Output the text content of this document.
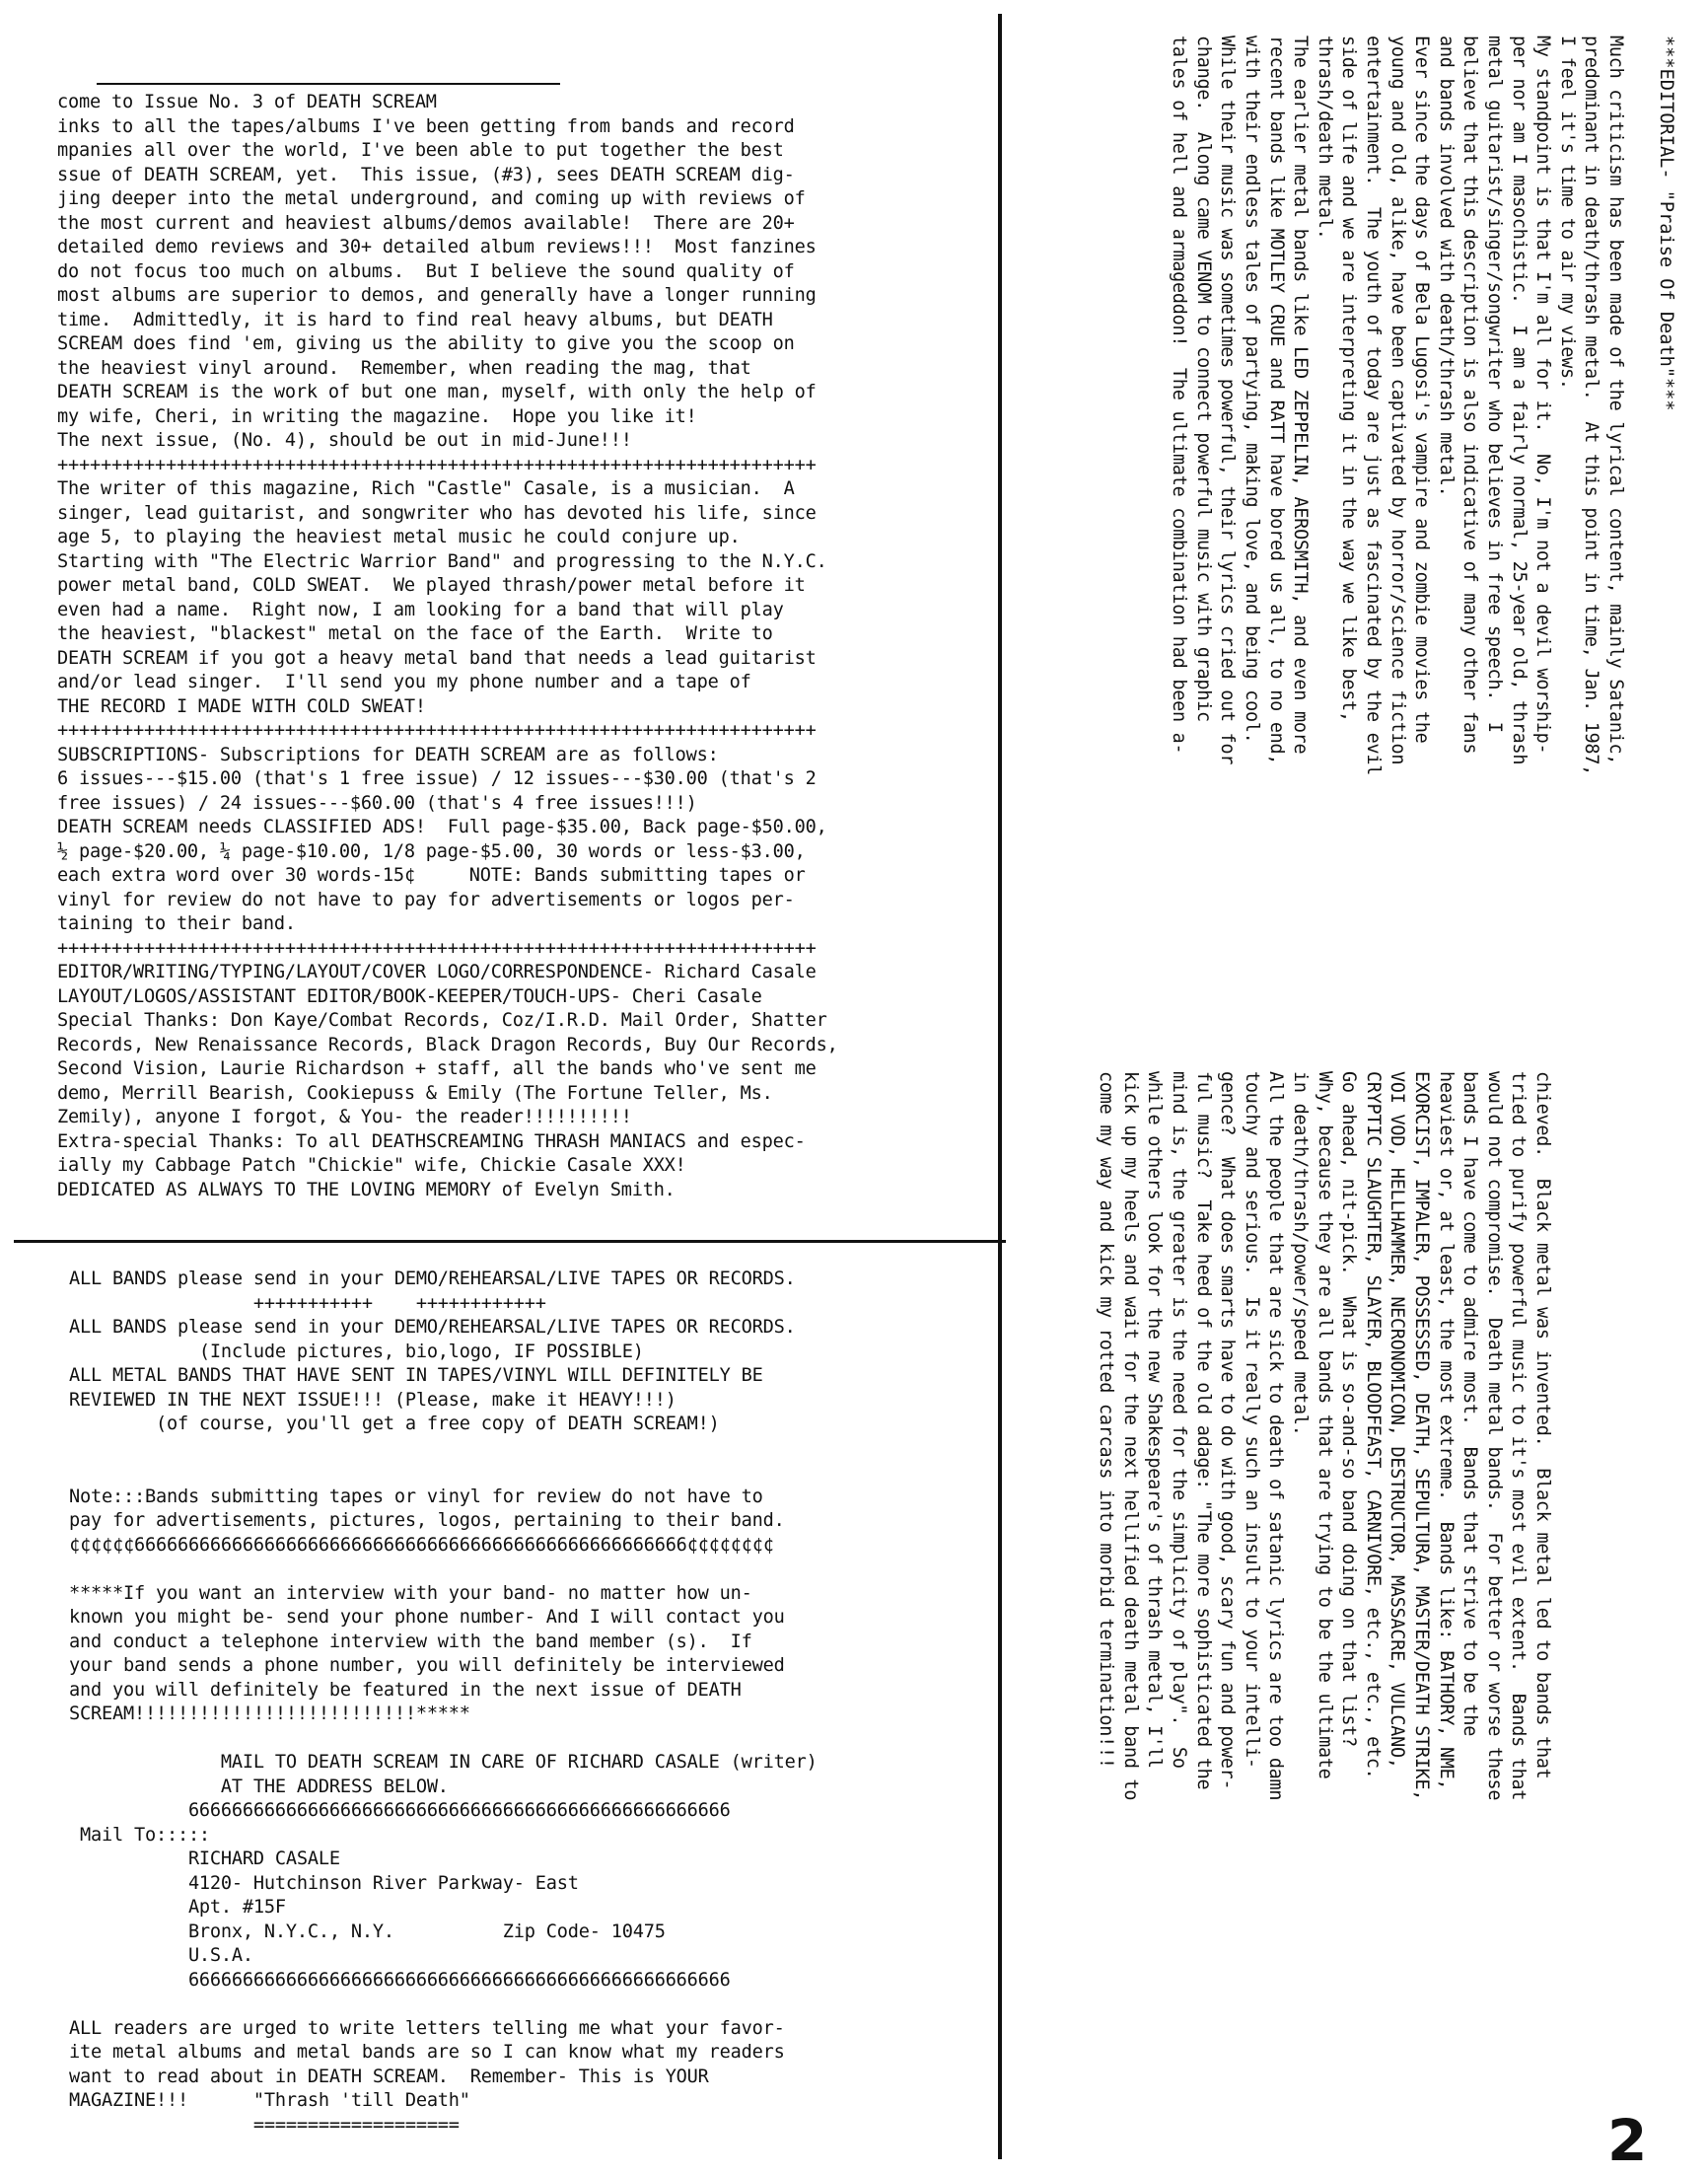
come to Issue No. 3 of DEATH SCREAM
inks to all the tapes/albums I've been getting from bands and record
mpanies all over the world, I've been able to put together the best
ssue of DEATH SCREAM, yet.  This issue, (#3), sees DEATH SCREAM dig-
jing deeper into the metal underground, and coming up with reviews of
the most current and heaviest albums/demos available!  There are 20+
detailed demo reviews and 30+ detailed album reviews!!!  Most fanzines
do not focus too much on albums.  But I believe the sound quality of
most albums are superior to demos, and generally have a longer running
time.  Admittedly, it is hard to find real heavy albums, but DEATH
SCREAM does find 'em, giving us the ability to give you the scoop on
the heaviest vinyl around.  Remember, when reading the mag, that
DEATH SCREAM is the work of but one man, myself, with only the help of
my wife, Cheri, in writing the magazine.  Hope you like it!
The next issue, (No. 4), should be out in mid-June!!!
++++++++++++++++++++++++++++++++++++++++++++++++++++++++++++++++++++++
The writer of this magazine, Rich "Castle" Casale, is a musician.  A
singer, lead guitarist, and songwriter who has devoted his life, since
age 5, to playing the heaviest metal music he could conjure up.
Starting with "The Electric Warrior Band" and progressing to the N.Y.C.
power metal band, COLD SWEAT.  We played thrash/power metal before it
even had a name.  Right now, I am looking for a band that will play
the heaviest, "blackest" metal on the face of the Earth.  Write to
DEATH SCREAM if you got a heavy metal band that needs a lead guitarist
and/or lead singer.  I'll send you my phone number and a tape of
THE RECORD I MADE WITH COLD SWEAT!
++++++++++++++++++++++++++++++++++++++++++++++++++++++++++++++++++++++
SUBSCRIPTIONS- Subscriptions for DEATH SCREAM are as follows:
6 issues---$15.00 (that's 1 free issue) / 12 issues---$30.00 (that's 2
free issues) / 24 issues---$60.00 (that's 4 free issues!!!)
DEATH SCREAM needs CLASSIFIED ADS!  Full page-$35.00, Back page-$50.00,
½ page-$20.00, ¼ page-$10.00, 1/8 page-$5.00, 30 words or less-$3.00,
each extra word over 30 words-15¢     NOTE: Bands submitting tapes or
vinyl for review do not have to pay for advertisements or logos per-
taining to their band.
++++++++++++++++++++++++++++++++++++++++++++++++++++++++++++++++++++++
EDITOR/WRITING/TYPING/LAYOUT/COVER LOGO/CORRESPONDENCE- Richard Casale
LAYOUT/LOGOS/ASSISTANT EDITOR/BOOK-KEEPER/TOUCH-UPS- Cheri Casale
Special Thanks: Don Kaye/Combat Records, Coz/I.R.D. Mail Order, Shatter
Records, New Renaissance Records, Black Dragon Records, Buy Our Records,
Second Vision, Laurie Richardson + staff, all the bands who've sent me
demo, Merrill Bearish, Cookiepuss & Emily (The Fortune Teller, Ms.
Zemily), anyone I forgot, & You- the reader!!!!!!!!!!
Extra-special Thanks: To all DEATHSCREAMING THRASH MANIACS and espec-
ially my Cabbage Patch "Chickie" wife, Chickie Casale XXX!
DEDICATED AS ALWAYS TO THE LOVING MEMORY of Evelyn Smith.
ALL BANDS please send in your DEMO/REHEARSAL/LIVE TAPES OR RECORDS.
+++++++++++    ++++++++++++
ALL BANDS please send in your DEMO/REHEARSAL/LIVE TAPES OR RECORDS.
(Include pictures, bio,logo, IF POSSIBLE)
ALL METAL BANDS THAT HAVE SENT IN TAPES/VINYL WILL DEFINITELY BE
REVIEWED IN THE NEXT ISSUE!!! (Please, make it HEAVY!!!)
(of course, you'll get a free copy of DEATH SCREAM!)
Note:::Bands submitting tapes or vinyl for review do not have to
pay for advertisements, pictures, logos, pertaining to their band.
¢¢¢¢¢¢666666666666666666666666666666666666666666666666666¢¢¢¢¢¢¢¢
*****If you want an interview with your band- no matter how un-
known you might be- send your phone number- And I will contact you
and conduct a telephone interview with the band member (s).  If
your band sends a phone number, you will definitely be interviewed
and you will definitely be featured in the next issue of DEATH
SCREAM!!!!!!!!!!!!!!!!!!!!!!!!!!*****
MAIL TO DEATH SCREAM IN CARE OF RICHARD CASALE (writer)
AT THE ADDRESS BELOW.
66666666666666666666666666666666666666666666666666
Mail To:::::
RICHARD CASALE
4120- Hutchinson River Parkway- East
Apt. #15F
Bronx, N.Y.C., N.Y.          Zip Code- 10475
U.S.A.
66666666666666666666666666666666666666666666666666
ALL readers are urged to write letters telling me what your favor-
ite metal albums and metal bands are so I can know what my readers
want to read about in DEATH SCREAM.  Remember- This is YOUR
MAGAZINE!!!      "Thrash 'till Death"
===================
***EDITORIAL- "Praise Of Death"***
Much criticism has been made of the lyrical content, mainly Satanic,
predominant in death/thrash metal.  At this point in time, Jan. 1987,
I feel it's time to air my views.
My standpoint is that I'm all for it.  No, I'm not a devil worship-
per nor am I masochistic.  I am a fairly normal, 25-year old, thrash
metal guitarist/singer/songwriter who believes in free speech.  I
believe that this description is also indicative of many other fans
and bands involved with death/thrash metal.
Ever since the days of Bela Lugosi's vampire and zombie movies the
young and old, alike, have been captivated by horror/science fiction
entertainment.  The youth of today are just as fascinated by the evil
side of life and we are interpreting it in the way we like best,
thrash/death metal.
The earlier metal bands like LED ZEPPELIN, AEROSMITH, and even more
recent bands like MOTLEY CRUE and RATT have bored us all, to no end,
with their endless tales of partying, making love, and being cool.
While their music was sometimes powerful, their lyrics cried out for
change.  Along came VENOM to connect powerful music with graphic
tales of hell and armageddon!  The ultimate combination had been a-
chieved.  Black metal was invented.  Black metal led to bands that
tried to purify powerful music to it's most evil extent.  Bands that
would not compromise.  Death metal bands.  For better or worse these
bands I have come to admire most.  Bands that strive to be the
heaviest or, at least, the most extreme.  Bands like: BATHORY, NME,
EXORCIST, IMPALER, POSSESSED, DEATH, SEPULTURA, MASTER/DEATH STRIKE,
VOI VOD, HELLHAMMER, NECRONOMICON, DESTRUCTOR, MASSACRE, VULCANO,
CRYPTIC SLAUGHTER, SLAYER, BLOODFEAST, CARNIVORE, etc., etc., etc.
Go ahead, nit-pick.  What is so-and-so band doing on that list?
Why, because they are all bands that are trying to be the ultimate
in death/thrash/power/speed metal.
All the people that are sick to death of satanic lyrics are too damn
touchy and serious.  Is it really such an insult to your intelli-
gence?  What does smarts have to do with good, scary fun and power-
ful music?  Take heed of the old adage: "The more sophisticated the
mind is, the greater is the need for the simplicity of play".  So
while others look for the new Shakespeare's of thrash metal, I'll
kick up my heels and wait for the next hellified death metal band to
come my way and kick my rotted carcass into morbid termination!!!
2
